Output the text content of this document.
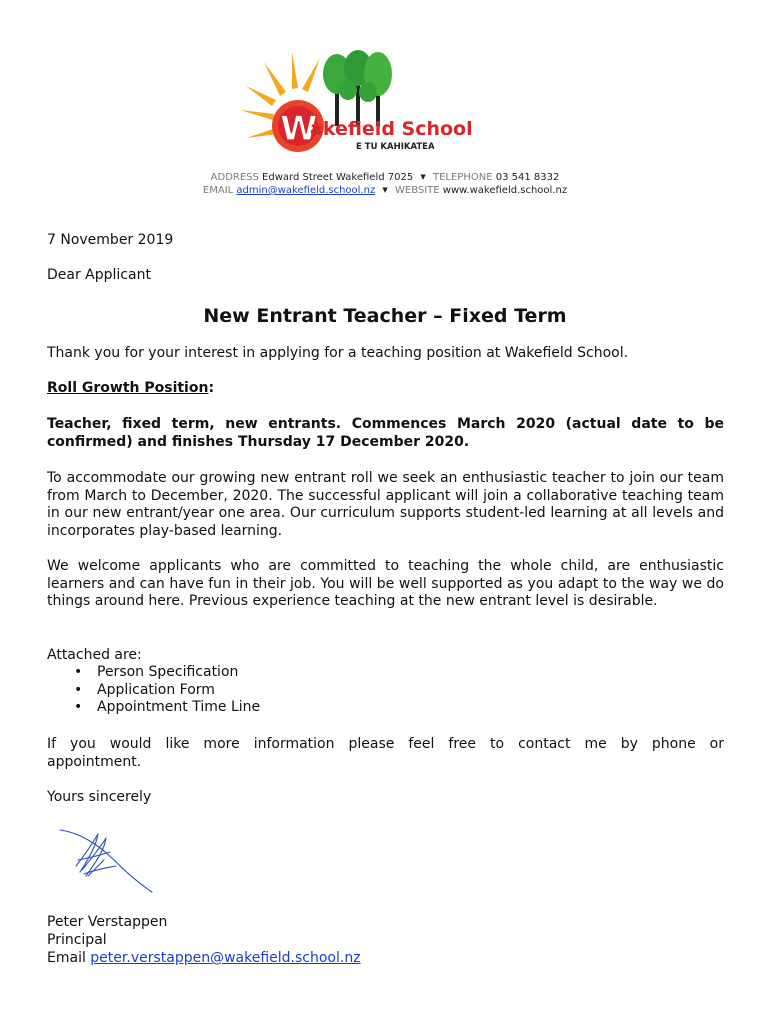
W
akefield School
E TU KAHIKATEA
ADDRESS Edward Street Wakefield 7025 ▼ TELEPHONE 03 541 8332
EMAIL admin@wakefield.school.nz ▼ WEBSITE www.wakefield.school.nz
7 November 2019
Dear Applicant
New Entrant Teacher – Fixed Term
Thank you for your interest in applying for a teaching position at Wakefield School.
Roll Growth Position:
Teacher, fixed term, new entrants. Commences March 2020 (actual date to be confirmed) and finishes Thursday 17 December 2020.
To accommodate our growing new entrant roll we seek an enthusiastic teacher to join our team from March to December, 2020. The successful applicant will join a collaborative teaching team in our new entrant/year one area. Our curriculum supports student-led learning at all levels and incorporates play-based learning.
We welcome applicants who are committed to teaching the whole child, are enthusiastic learners and can have fun in their job. You will be well supported as you adapt to the way we do things around here. Previous experience teaching at the new entrant level is desirable.
Attached are:
• Person Specification
• Application Form
• Appointment Time Line
If you would like more information please feel free to contact me by phone or appointment.
Yours sincerely
Peter Verstappen
Principal
Email peter.verstappen@wakefield.school.nz
